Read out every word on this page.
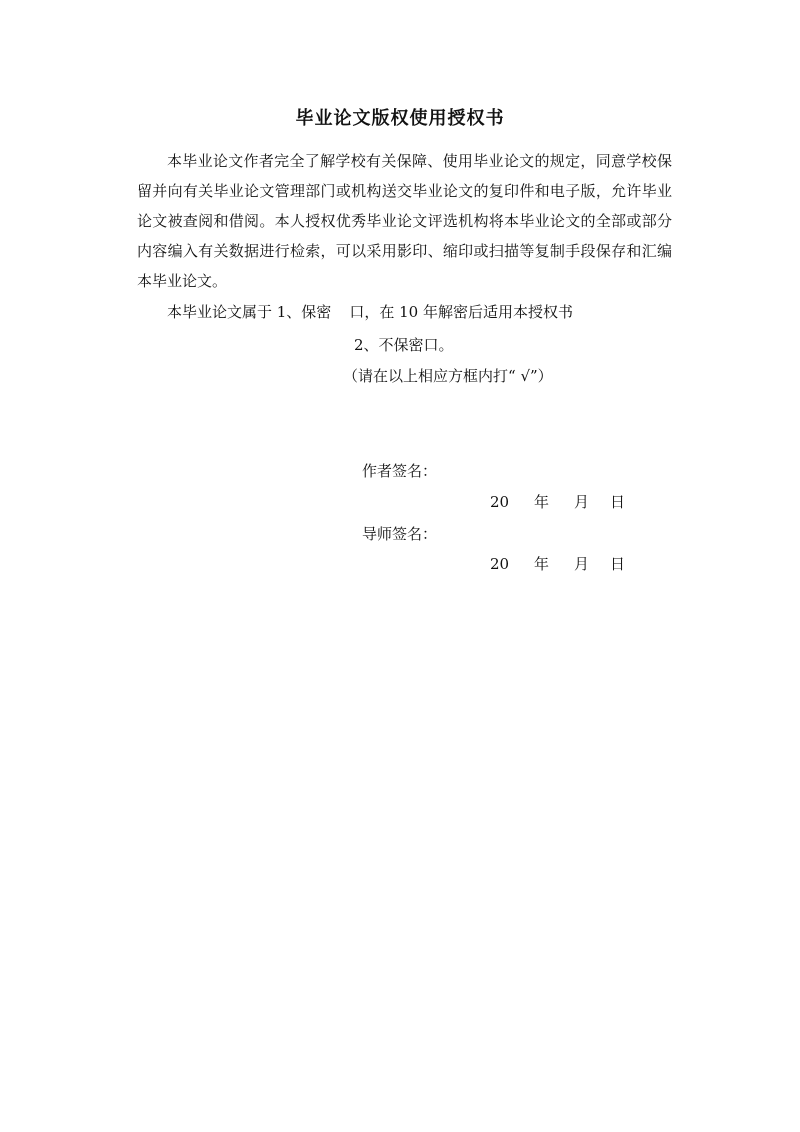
毕业论文版权使用授权书

本毕业论文作者完全了解学校有关保障、使用毕业论文的规定，同意学校保留并向有关毕业论文管理部门或机构送交毕业论文的复印件和电子版，允许毕业论文被查阅和借阅。本人授权优秀毕业论文评选机构将本毕业论文的全部或部分内容编入有关数据进行检索，可以采用影印、缩印或扫描等复制手段保存和汇编本毕业论文。

本毕业论文属于 1、保密 口，在 10 年解密后适用本授权书
2、不保密口。
（请在以上相应方框内打“ √”）
作者签名：
20 年 月 日
导师签名：
20 年 月 日
